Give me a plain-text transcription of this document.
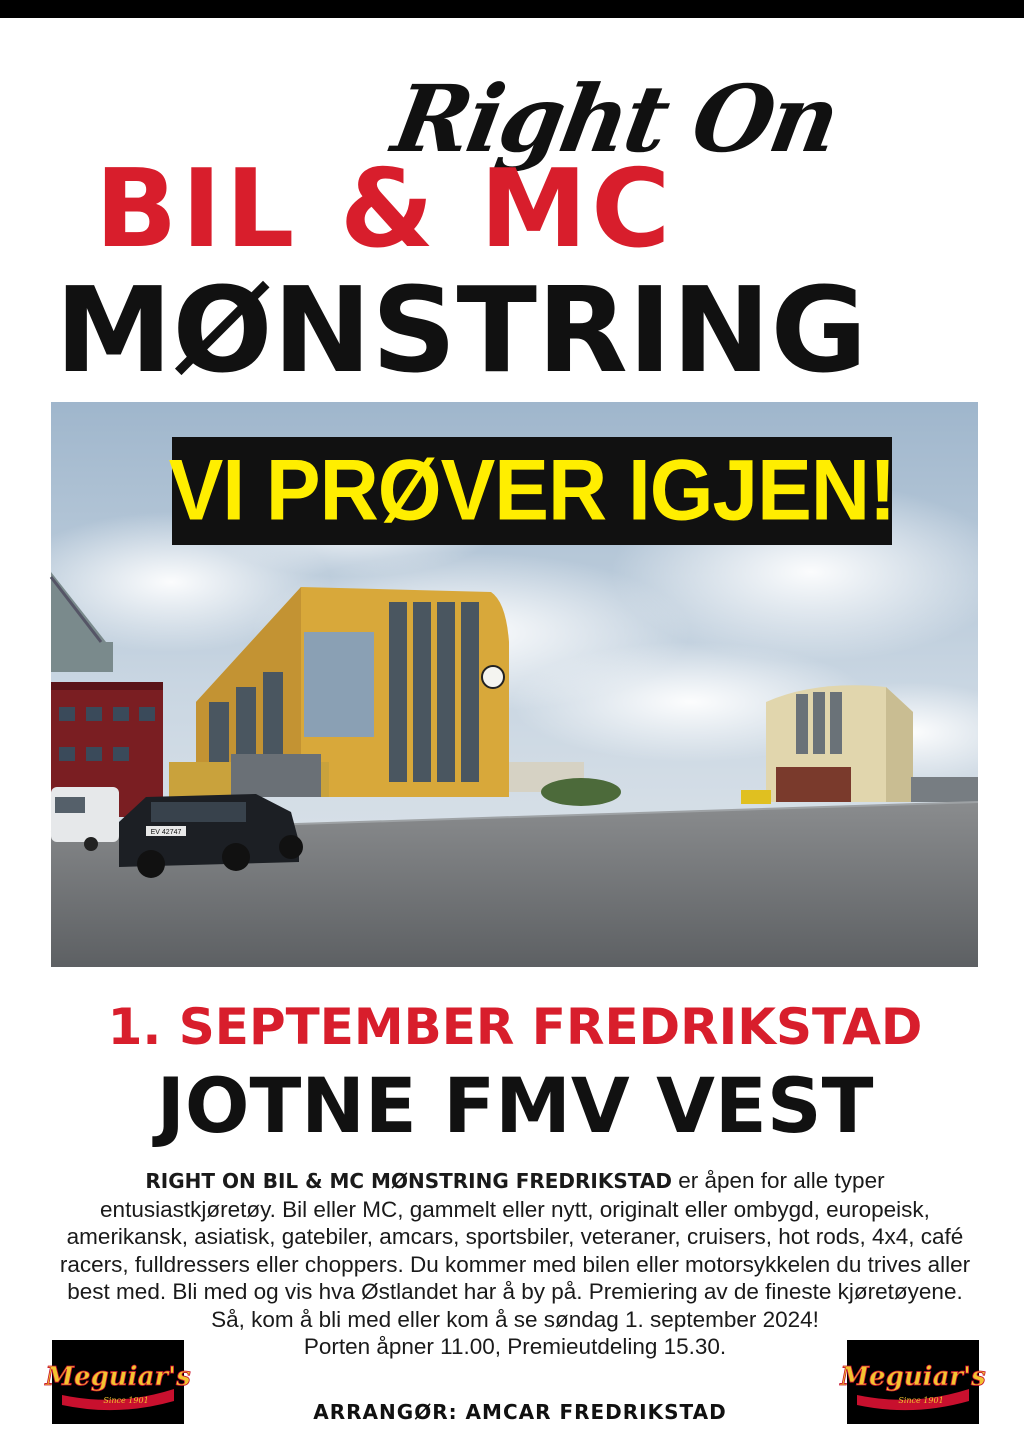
Right On
BIL & MC
MØNSTRING
EV 42747
VI PRØVER IGJEN!
1. SEPTEMBER FREDRIKSTAD
JOTNE FMV VEST
RIGHT ON BIL & MC MØNSTRING FREDRIKSTAD er åpen for alle typer
entusiastkjøretøy. Bil eller MC, gammelt eller nytt, originalt eller ombygd, europeisk,
amerikansk, asiatisk, gatebiler, amcars, sportsbiler, veteraner, cruisers, hot rods, 4x4, café
racers, fulldressers eller choppers. Du kommer med bilen eller motorsykkelen du trives aller
best med. Bli med og vis hva Østlandet har å by på. Premiering av de fineste kjøretøyene.
Så, kom å bli med eller kom å se søndag 1. september 2024!
Porten åpner 11.00, Premieutdeling 15.30.
Meguiar's
Since 1901
Meguiar's
Since 1901
ARRANGØR: AMCAR FREDRIKSTAD
